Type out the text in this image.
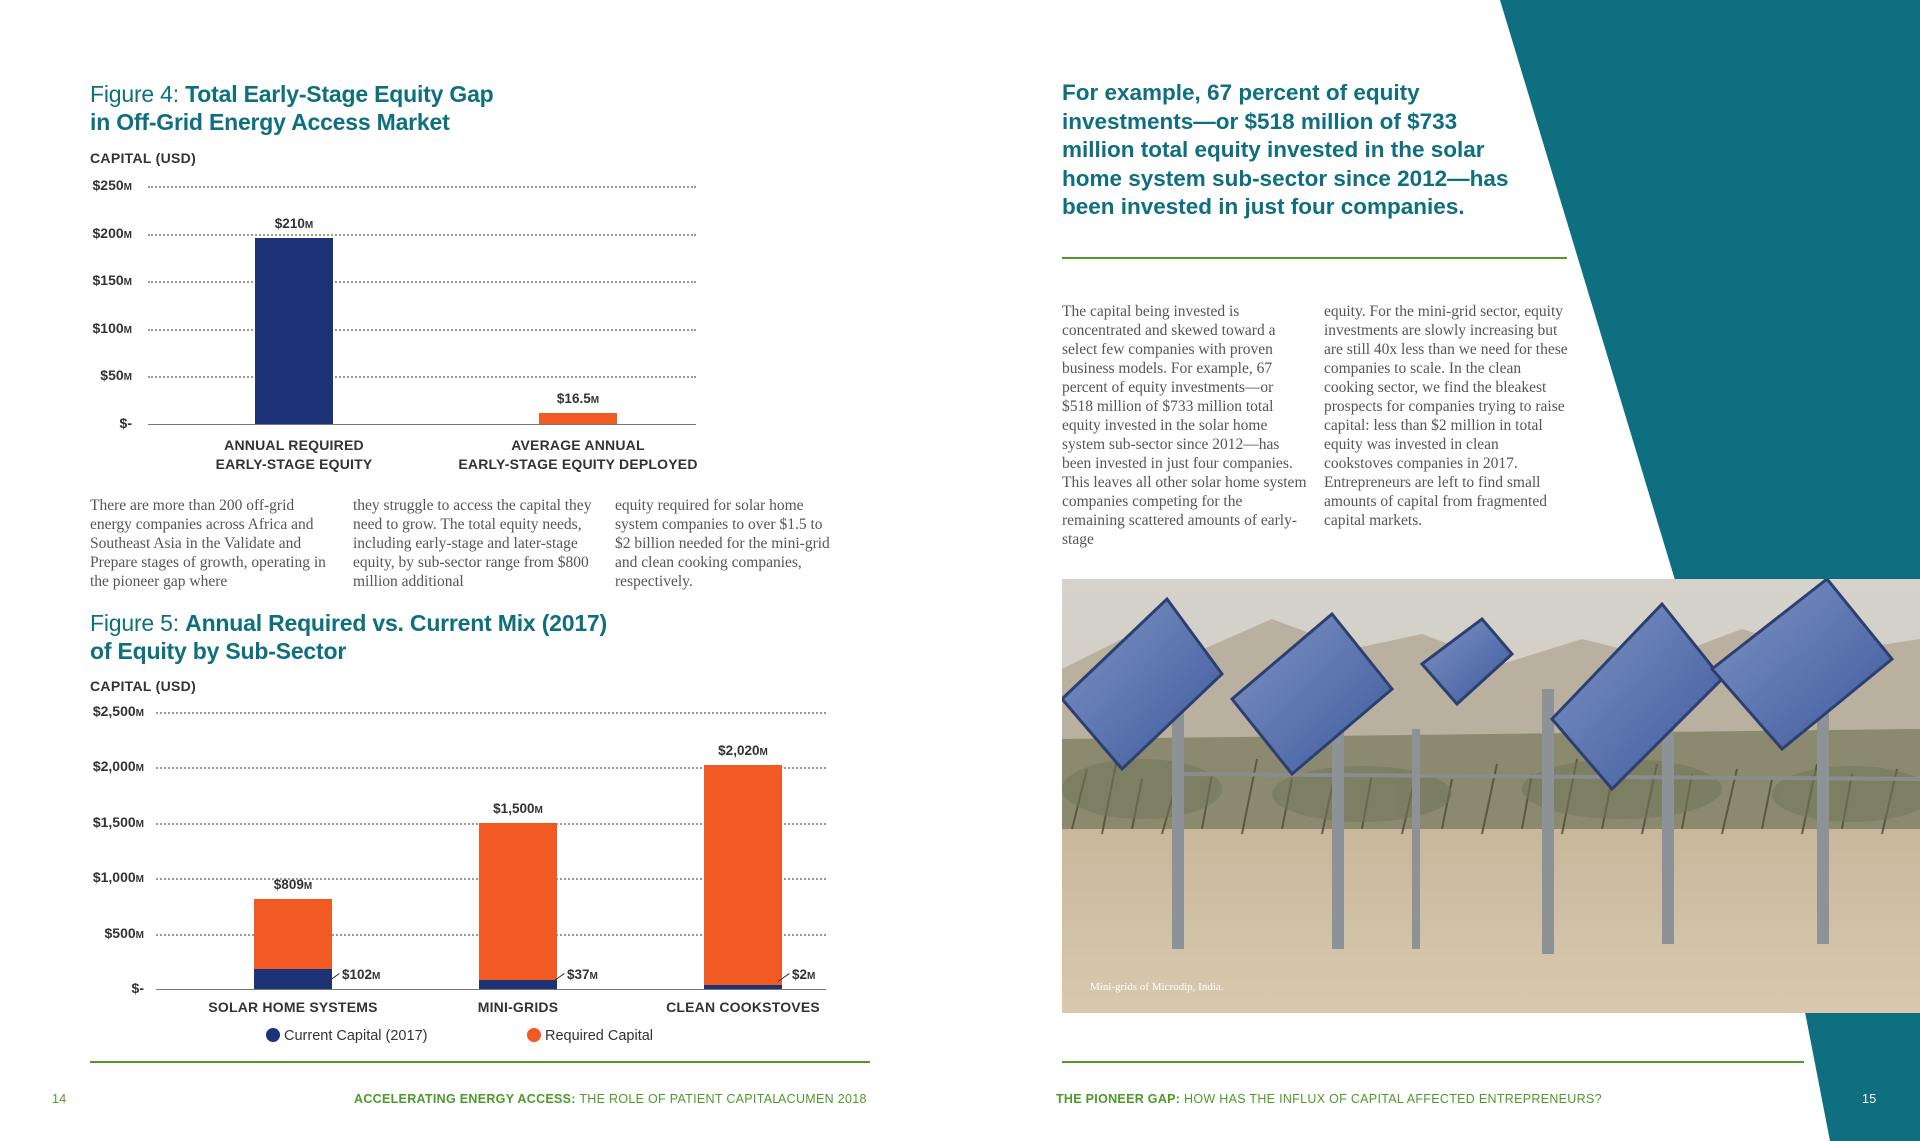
Figure 4: Total Early-Stage Equity Gap
in Off-Grid Energy Access Market
CAPITAL (USD)
$250M
$200M
$150M
$100M
$50M
$-
$210M
ANNUAL REQUIRED
EARLY-STAGE EQUITY
$16.5M
AVERAGE ANNUAL
EARLY-STAGE EQUITY DEPLOYED
There are more than 200 off-grid energy companies across Africa and Southeast Asia in the Validate and Prepare stages of growth, operating in the pioneer gap where
they struggle to access the capital they need to grow. The total equity needs, including early-stage and later-stage equity, by sub-sector range from $800 million additional
equity required for solar home system companies to over $1.5 to $2 billion needed for the mini-grid and clean cooking companies, respectively.
Figure 5: Annual Required vs. Current Mix (2017)
of Equity by Sub-Sector
CAPITAL (USD)
$2,500M
$2,000M
$1,500M
$1,000M
$500M
$-
$809M
$102M
SOLAR HOME SYSTEMS
$1,500M
$37M
MINI-GRIDS
$2,020M
$2M
CLEAN COOKSTOVES
Current Capital (2017)	Required Capital
14	ACCELERATING ENERGY ACCESS: THE ROLE OF PATIENT CAPITAL
ACUMEN 2018
For example, 67 percent of equity investments—or $518 million of $733 million total equity invested in the solar home system sub-sector since 2012—has been invested in just four companies.
The capital being invested is concentrated and skewed toward a select few companies with proven business models. For example, 67 percent of equity investments—or $518 million of $733 million total equity invested in the solar home system sub-sector since 2012—has been invested in just four companies. This leaves all other solar home system companies competing for the remaining scattered amounts of early-stage
equity. For the mini-grid sector, equity investments are slowly increasing but are still 40x less than we need for these companies to scale. In the clean cooking sector, we find the bleakest prospects for companies trying to raise capital: less than $2 million in total equity was invested in clean cookstoves companies in 2017. Entrepreneurs are left to find small amounts of capital from fragmented capital markets.
Mini-grids of Microdip, India.
THE PIONEER GAP: HOW HAS THE INFLUX OF CAPITAL AFFECTED ENTREPRENEURS?	15
